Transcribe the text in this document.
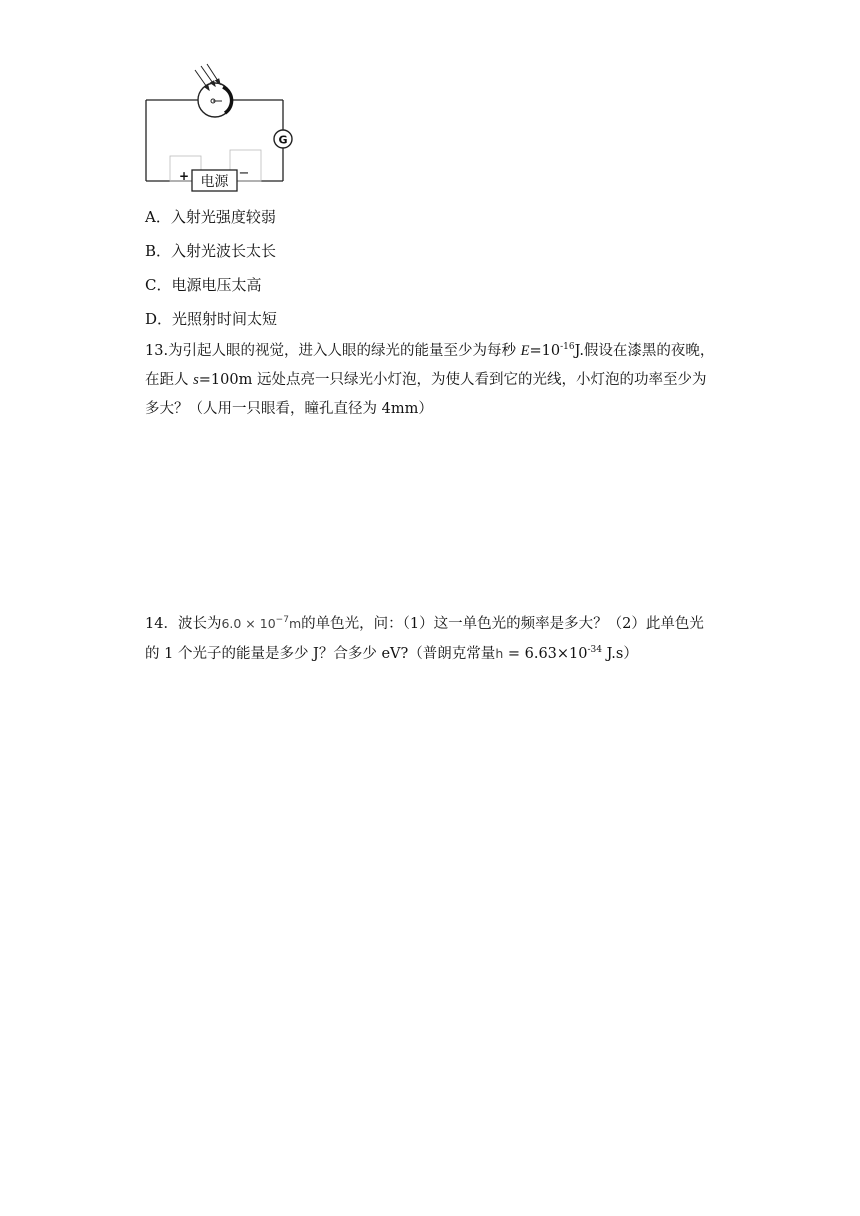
G
电源
+	−
A．入射光强度较弱
B．入射光波长太长
C．电源电压太高
D．光照射时间太短
13.为引起人眼的视觉，进入人眼的绿光的能量至少为每秒 $E=10^{-16}J$.假设在漆黑的夜晚，
在距人 s=100m 远处点亮一只绿光小灯泡，为使人看到它的光线，小灯泡的功率至少为
多大？（人用一只眼看，瞳孔直径为 4mm）
14．波长为$6.0 \times 10^{-7}m$的单色光，问：（1）这一单色光的频率是多大？（2）此单色光
的 1 个光子的能量是多少 J？合多少 eV?（普朗克常量$h = 6.63\times 10^{-34}$ J.s）
